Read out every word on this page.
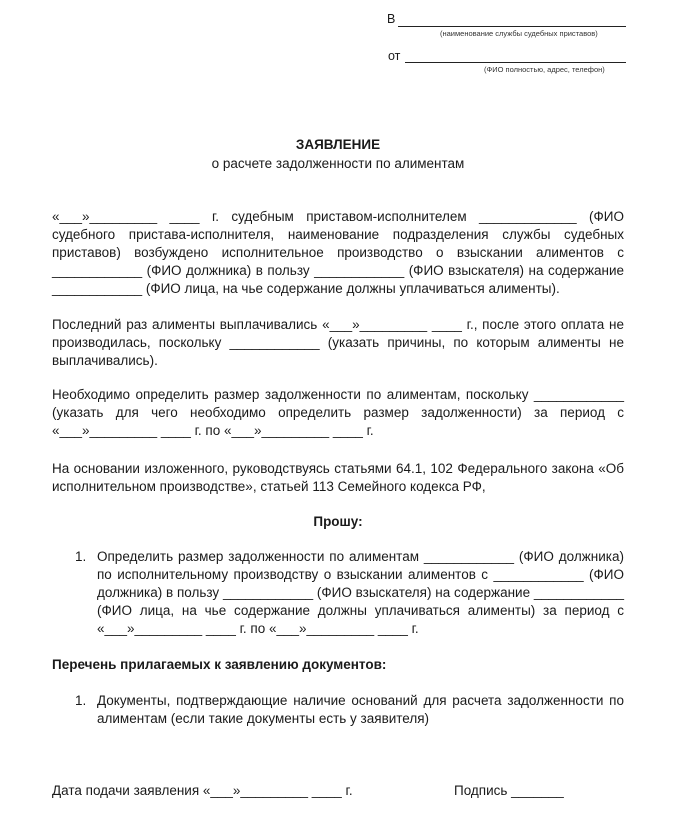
В
(наименование службы судебных приставов)
от
(ФИО полностью, адрес, телефон)
ЗАЯВЛЕНИЕ
о расчете задолженности по алиментам
«___»_________ ____ г. судебным приставом-исполнителем _____________ (ФИО
судебного пристава-исполнителя, наименование подразделения службы судебных
приставов) возбуждено исполнительное производство о взыскании алиментов с
____________ (ФИО должника) в пользу ____________ (ФИО взыскателя) на содержание
____________ (ФИО лица, на чье содержание должны уплачиваться алименты).
Последний раз алименты выплачивались «___»_________ ____ г., после этого оплата не
производилась, поскольку ____________ (указать причины, по которым алименты не
выплачивались).
Необходимо определить размер задолженности по алиментам, поскольку ____________
(указать для чего необходимо определить размер задолженности) за период с
«___»_________ ____ г. по «___»_________ ____ г.
На основании изложенного, руководствуясь статьями 64.1, 102 Федерального закона «Об
исполнительном производстве», статьей 113 Семейного кодекса РФ,
Прошу:
1. Определить размер задолженности по алиментам ____________ (ФИО должника)
по исполнительному производству о взыскании алиментов с ____________ (ФИО
должника) в пользу ____________ (ФИО взыскателя) на содержание ____________
(ФИО лица, на чье содержание должны уплачиваться алименты) за период с
«___»_________ ____ г. по «___»_________ ____ г.
Перечень прилагаемых к заявлению документов:
1. Документы, подтверждающие наличие оснований для расчета задолженности по
алиментам (если такие документы есть у заявителя)
Дата подачи заявления «___»_________ ____ г.	Подпись _______
